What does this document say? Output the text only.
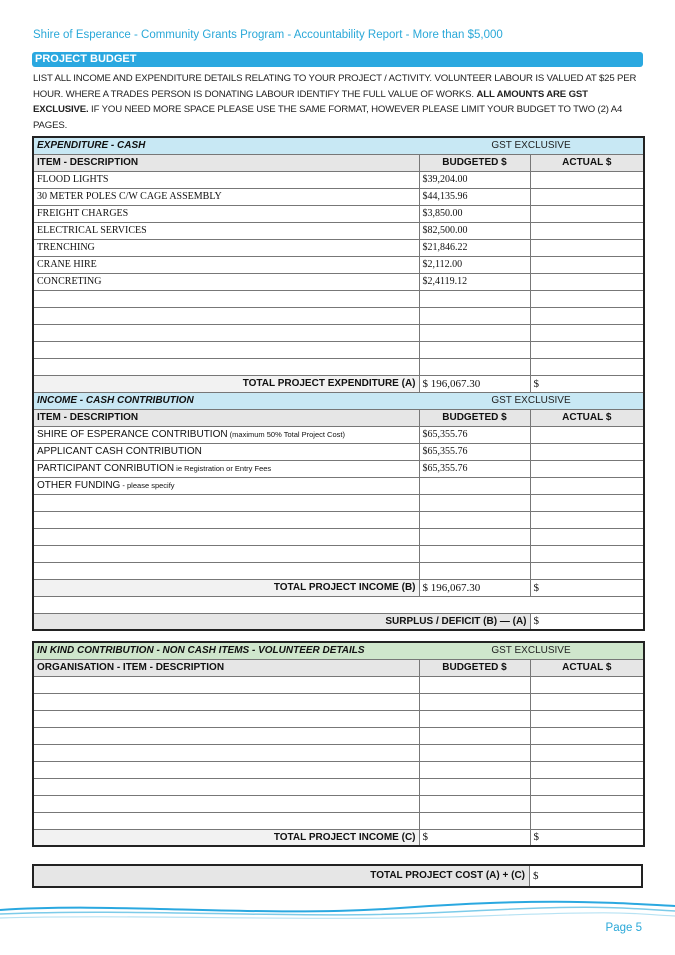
Shire of Esperance - Community Grants Program - Accountability Report - More than $5,000
PROJECT BUDGET
LIST ALL INCOME AND EXPENDITURE DETAILS RELATING TO YOUR PROJECT / ACTIVITY. VOLUNTEER LABOUR IS VALUED AT $25 PER HOUR. WHERE A TRADES PERSON IS DONATING LABOUR IDENTIFY THE FULL VALUE OF WORKS. ALL AMOUNTS ARE GST EXCLUSIVE. IF YOU NEED MORE SPACE PLEASE USE THE SAME FORMAT, HOWEVER PLEASE LIMIT YOUR BUDGET TO TWO (2) A4 PAGES.
EXPENDITURE - CASH	GST EXCLUSIVE	
ITEM - DESCRIPTION	BUDGETED $	ACTUAL $
FLOOD LIGHTS	$39,204.00	
30 METER POLES C/W CAGE ASSEMBLY	$44,135.96	
FREIGHT CHARGES	$3,850.00	
ELECTRICAL SERVICES	$82,500.00	
TRENCHING	$21,846.22	
CRANE HIRE	$2,112.00	
CONCRETING	$2,4119.12	

TOTAL PROJECT EXPENDITURE (A)	$ 196,067.30	$
INCOME - CASH CONTRIBUTION	GST EXCLUSIVE	
ITEM - DESCRIPTION	BUDGETED $	ACTUAL $
SHIRE OF ESPERANCE CONTRIBUTION (maximum 50% Total Project Cost)	$65,355.76	
APPLICANT CASH CONTRIBUTION	$65,355.76	
PARTICIPANT CONRIBUTION ie Registration or Entry Fees	$65,355.76	
OTHER FUNDING - please specify		

TOTAL PROJECT INCOME (B)	$ 196,067.30	$

SURPLUS / DEFICIT (B) — (A)		$
IN KIND CONTRIBUTION - NON CASH ITEMS - VOLUNTEER DETAILS	GST EXCLUSIVE	
ORGANISATION - ITEM - DESCRIPTION	BUDGETED $	ACTUAL $

TOTAL PROJECT INCOME (C)	$	$
TOTAL PROJECT COST (A) + (C) $
Page 5
